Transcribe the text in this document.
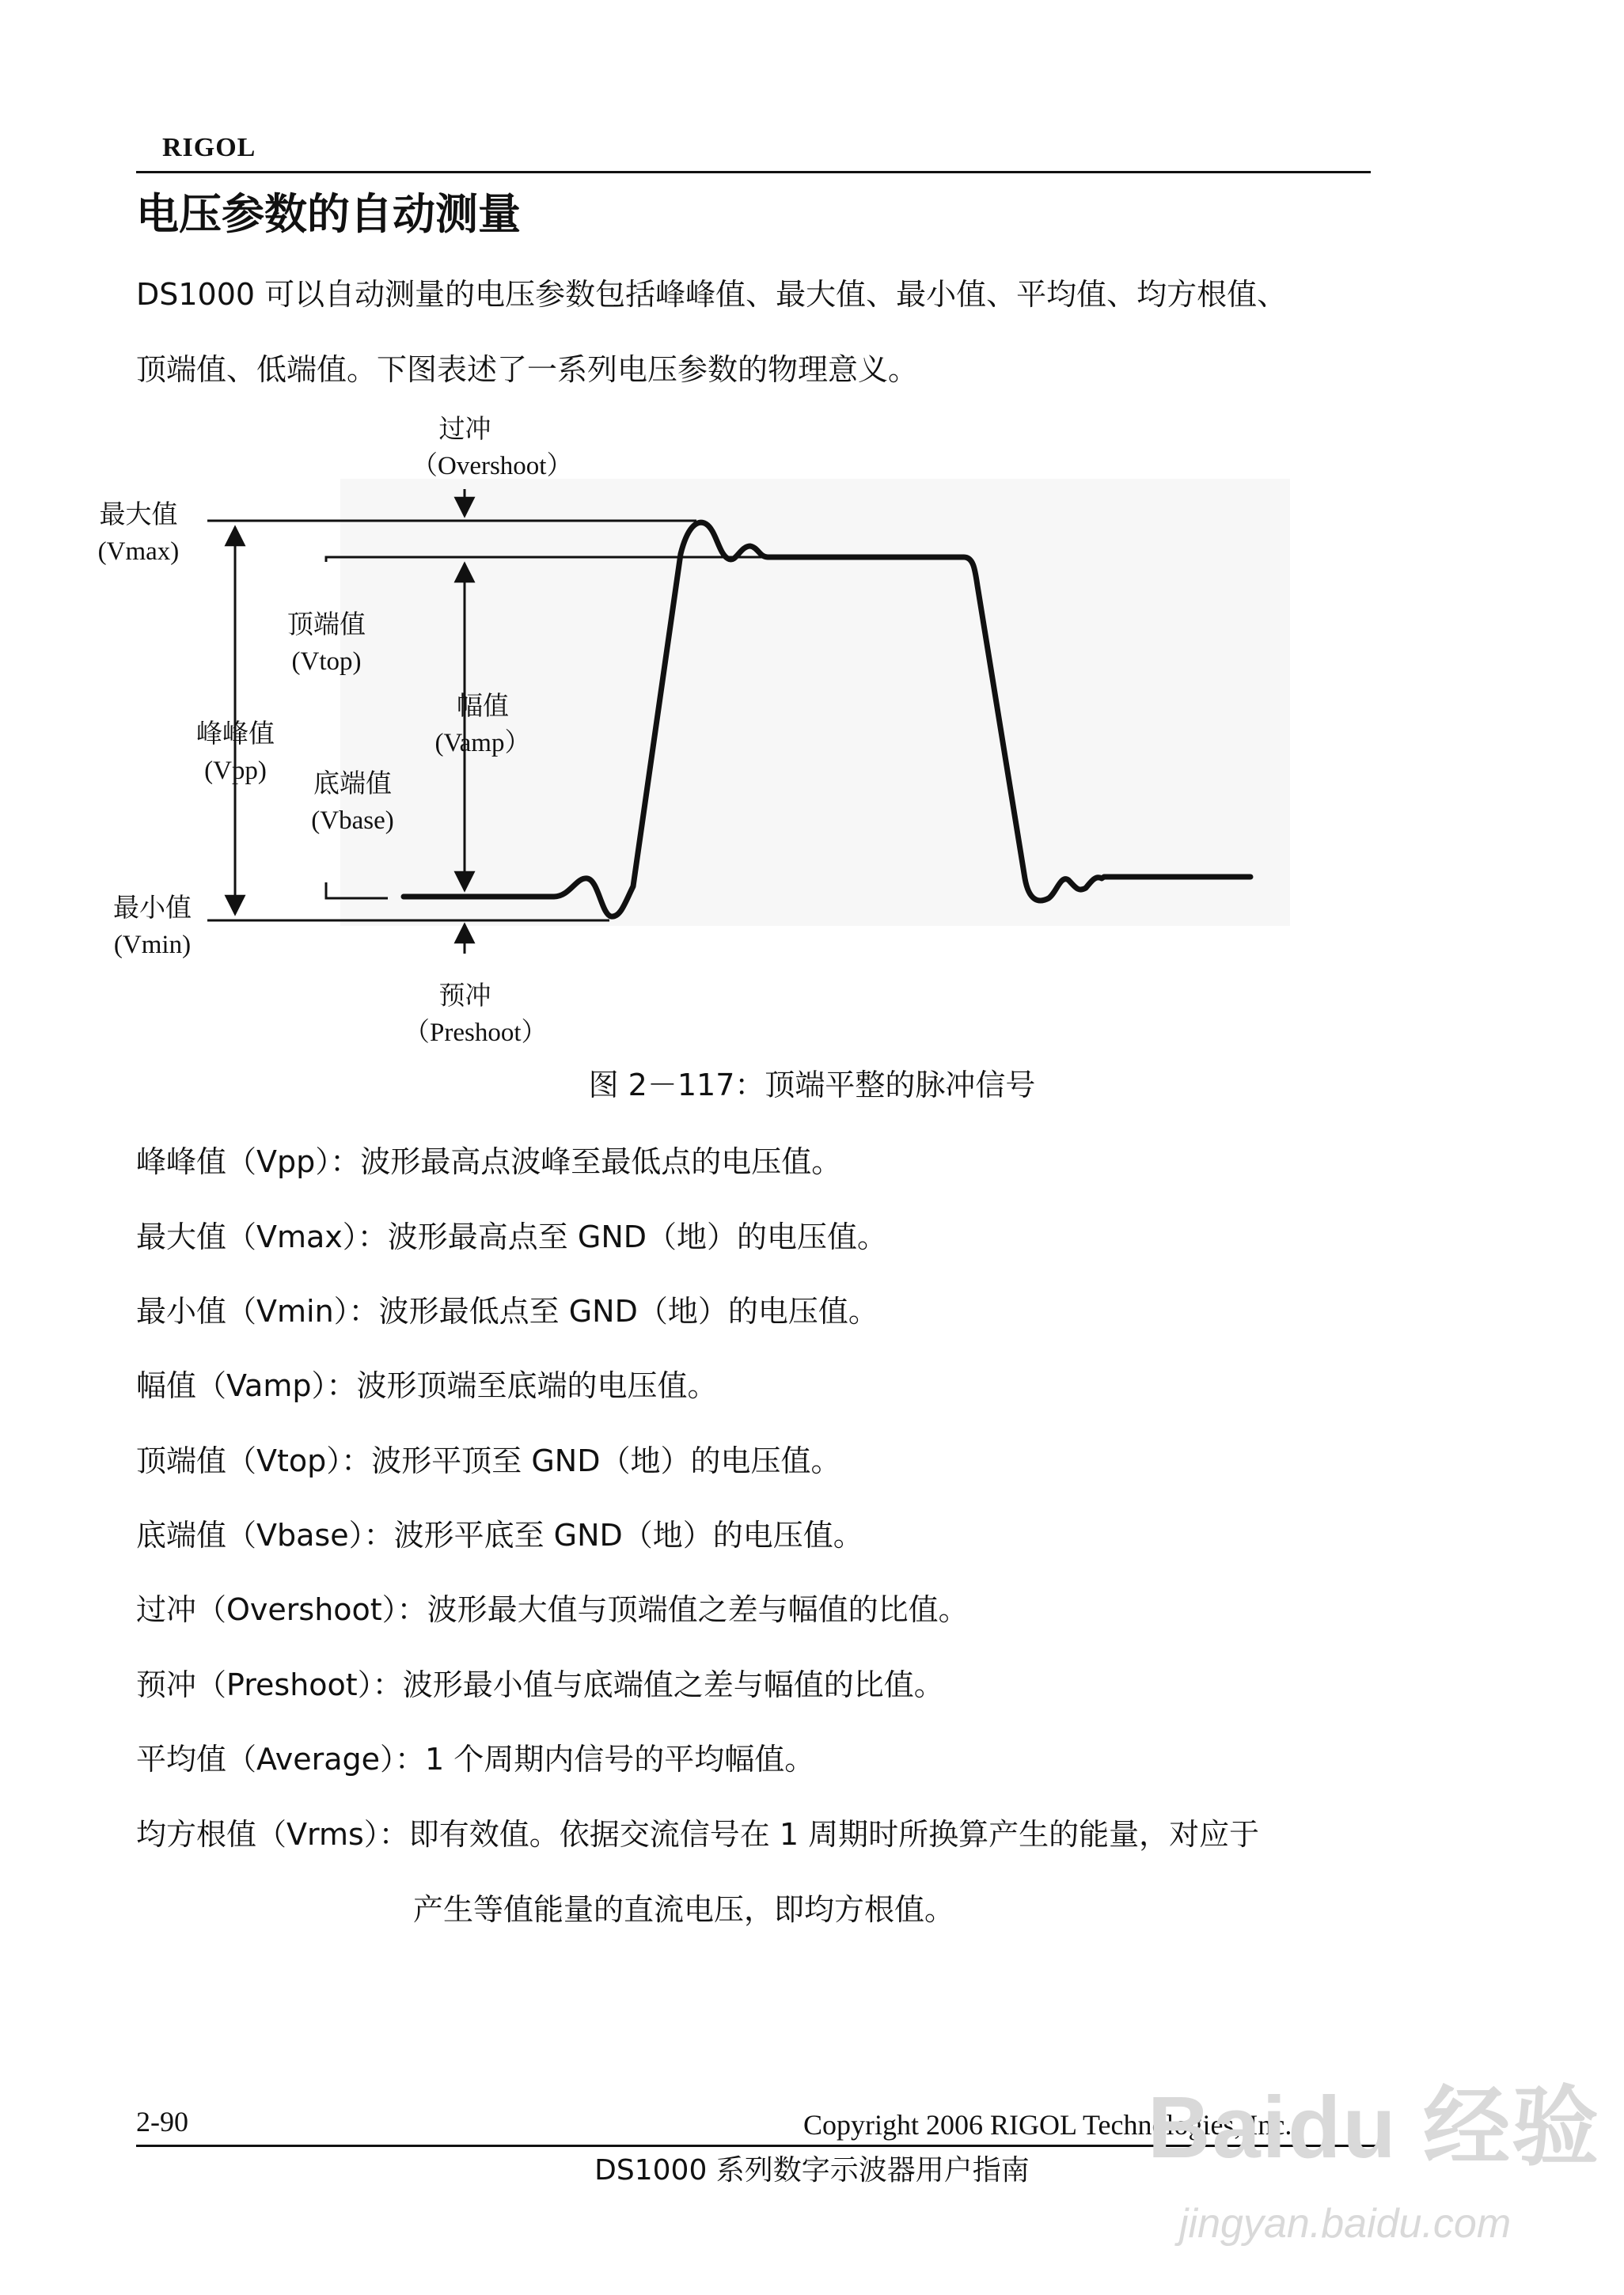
RIGOL
电压参数的自动测量
DS1000 可以自动测量的电压参数包括峰峰值、最大值、最小值、平均值、均方根值、
顶端值、低端值。下图表述了一系列电压参数的物理意义。
过冲
（Overshoot）
最大值
(Vmax)
顶端值
(Vtop)
峰峰值
(Vpp)
幅值
(Vamp）
底端值
(Vbase)
最小值
(Vmin)
预冲
（Preshoot）
图 2－117：顶端平整的脉冲信号
峰峰值（Vpp）：波形最高点波峰至最低点的电压值。
最大值（Vmax）：波形最高点至 GND（地）的电压值。
最小值（Vmin）：波形最低点至 GND（地）的电压值。
幅值（Vamp）：波形顶端至底端的电压值。
顶端值（Vtop）：波形平顶至 GND（地）的电压值。
底端值（Vbase）：波形平底至 GND（地）的电压值。
过冲（Overshoot）：波形最大值与顶端值之差与幅值的比值。
预冲（Preshoot）：波形最小值与底端值之差与幅值的比值。
平均值（Average）：1 个周期内信号的平均幅值。
均方根值（Vrms）：即有效值。依据交流信号在 1 周期时所换算产生的能量，对应于
产生等值能量的直流电压，即均方根值。
2-90	Copyright 2006 RIGOL Technologies, Inc.
DS1000 系列数字示波器用户指南	Baidu 经验
jingyan.baidu.com
